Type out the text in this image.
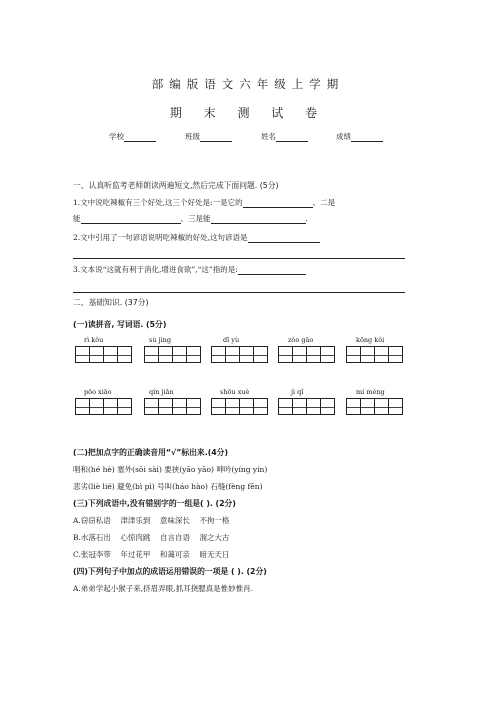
部编版语文六年级上学期
期 末 测 试 卷
学校	班级	姓名	成绩
一、认真听监考老师朗读两遍短文,然后完成下面问题. (5分)
1.文中说吃辣椒有三个好处,这三个好处是:一是它的	、二是
能	、三是能	.
2.文中引用了一句谚语说明吃辣椒的好处,这句谚语是
3.文本说“这就有利于消化,增进食欲”,“这”指的是:
二、基础知识. (37分)
(一)读拼音, 写词语. (5分)
rì kǒu	sù jìng	dǐ yù	zǒo gāo	kōng kǒi
pōo xiāo	qín jiǎn	shōu xuè	jì qǐ	mí méng
(二)把加点字的正确读音用“√”标出来.(4分)
唱和(hé hè) 塞外(sōi sài) 要挟(yāo yāo) 呻吟(yíng yín)
悲劣(liè lié) 避免(bì pì) 号叫(háo hào) 石缝(fèng fēn)
(三)下列成语中,没有错别字的一组是( ). (2分)
A.窃窃私语    津津乐到    意味深长    不拘一格
B.水落石出    心惊肉跳    自言自语    溜之大古
C.张冠李带    年过花甲    和蔼可亲    暗无天日
(四)下列句子中加点的成语运用错误的一项是 ( ). (2分)
A.弟弟学起小猴子来,挤眉弄眼,抓耳挠腮真是惟妙惟肖.
